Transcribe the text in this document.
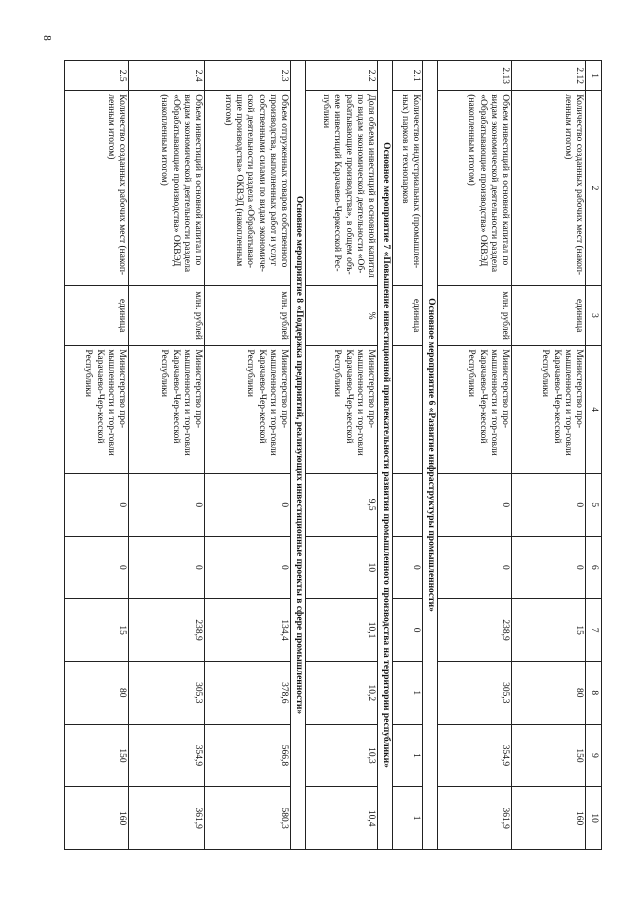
8
1	2	3	4	5	6	7	8	9	10
2.12	Количество созданных рабочих мест (накоп-ленным итогом)	единица	Министерство про-мышленности и тор-говли Карачаево-Чер-кесской Республики	0	0	15	80	150	160
2.13	Объем инвестиций в основной капитал по видам экономической деятельности раздела «Обрабатывающие производства» ОКВЭД (накопленным итогом)	млн. рублей	Министерство про-мышленности и тор-говли Карачаево-Чер-кесской Республики	0	0	238,9	305,3	354,9	361,9
Основное мероприятие 6 «Развитие инфраструктуры промышленности»									
2.1	Количество индустриальных (промышлен-ных) парков и технопарков	единица			0	0	1	1	1
Основное мероприятие 7 «Повышение инвестиционной привлекательности развития промышленного производства на территории республики»									
2.2	Доля объема инвестиций в основной капитал по видам экономической деятельности «Об-рабатывающие производства», в общем объ-еме инвестиций Карачаево-Черкесской Рес-публики	%	Министерство про-мышленности и тор-говли Карачаево-Чер-кесской Республики	9,5	10	10,1	10,2	10,3	10,4
Основное мероприятие 8 «Поддержка предприятий, реализующих инвестиционные проекты в сфере промышленности»									
2.3	Объем отгруженных товаров собственного производства, выполненных работ и услуг собственными силами по видам экономиче-ской деятельности раздела «Обрабатываю-щие производства» ОКВЭД (накопленным итогом)	млн. рублей	Министерство про-мышленности и тор-говли Карачаево-Чер-кесской Республики	0	0	134,4	378,6	566,8	580,3
2.4	Объем инвестиций в основной капитал по видам экономической деятельности раздела «Обрабатывающие производства» ОКВЭД (накопленным итогом)	млн. рублей	Министерство про-мышленности и тор-говли Карачаево-Чер-кесской Республики	0	0	238,9	305,3	354,9	361,9
2.5	Количество созданных рабочих мест (накоп-ленным итогом)	единица	Министерство про-мышленности и тор-говли Карачаево-Чер-кесской Республики	0	0	15	80	150	160
